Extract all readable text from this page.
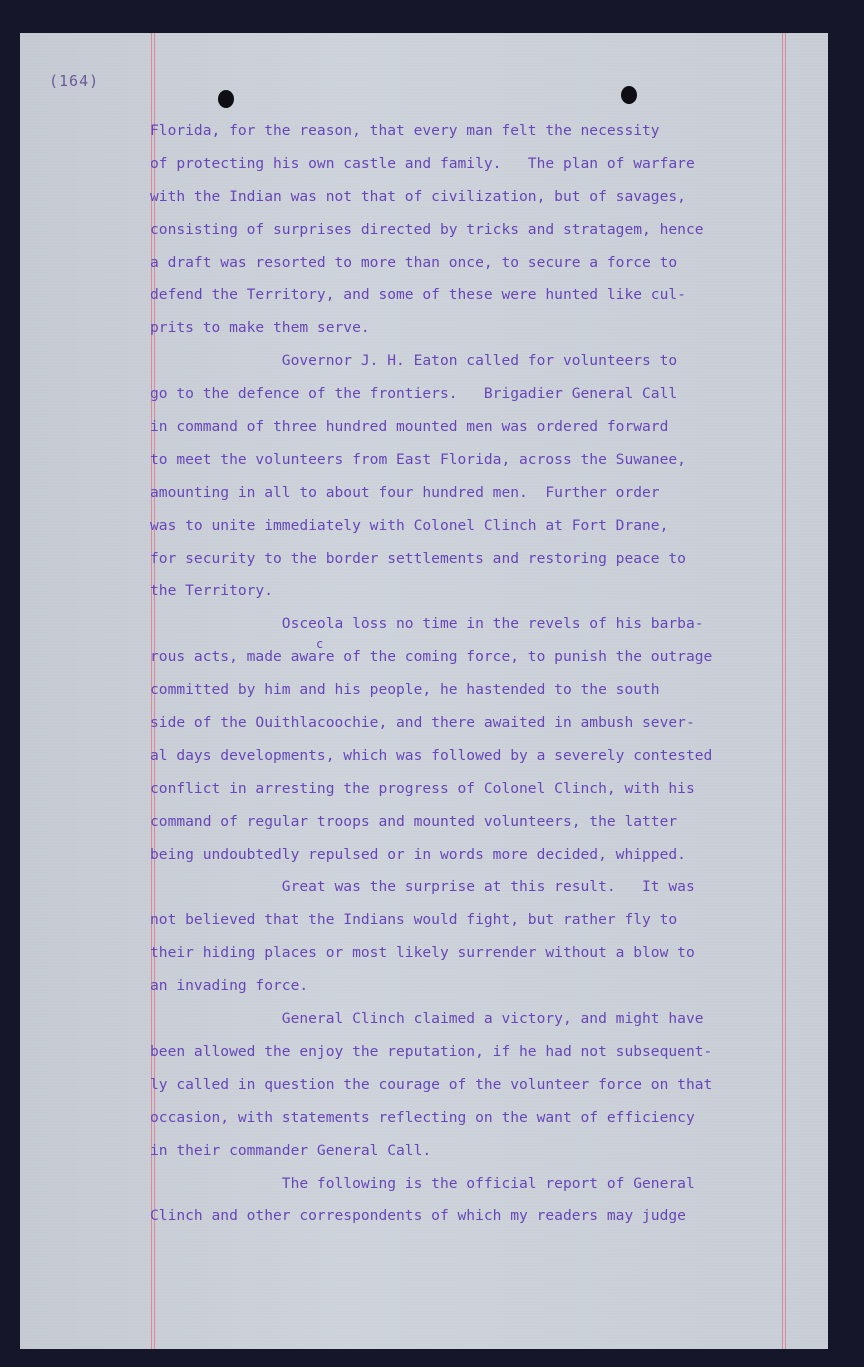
(164)
c
Florida, for the reason, that every man felt the necessity
of protecting his own castle and family.   The plan of warfare
with the Indian was not that of civilization, but of savages,
consisting of surprises directed by tricks and stratagem, hence
a draft was resorted to more than once, to secure a force to
defend the Territory, and some of these were hunted like cul-
prits to make them serve.
Governor J. H. Eaton called for volunteers to
go to the defence of the frontiers.   Brigadier General Call
in command of three hundred mounted men was ordered forward
to meet the volunteers from East Florida, across the Suwanee,
amounting in all to about four hundred men.  Further order
was to unite immediately with Colonel Clinch at Fort Drane,
for security to the border settlements and restoring peace to
the Territory.
Osceola loss no time in the revels of his barba-
rous acts, made aware of the coming force, to punish the outrage
committed by him and his people, he hastended to the south
side of the Ouithlacoochie, and there awaited in ambush sever-
al days developments, which was followed by a severely contested
conflict in arresting the progress of Colonel Clinch, with his
command of regular troops and mounted volunteers, the latter
being undoubtedly repulsed or in words more decided, whipped.
Great was the surprise at this result.   It was
not believed that the Indians would fight, but rather fly to
their hiding places or most likely surrender without a blow to
an invading force.
General Clinch claimed a victory, and might have
been allowed the enjoy the reputation, if he had not subsequent-
ly called in question the courage of the volunteer force on that
occasion, with statements reflecting on the want of efficiency
in their commander General Call.
The following is the official report of General
Clinch and other correspondents of which my readers may judge
